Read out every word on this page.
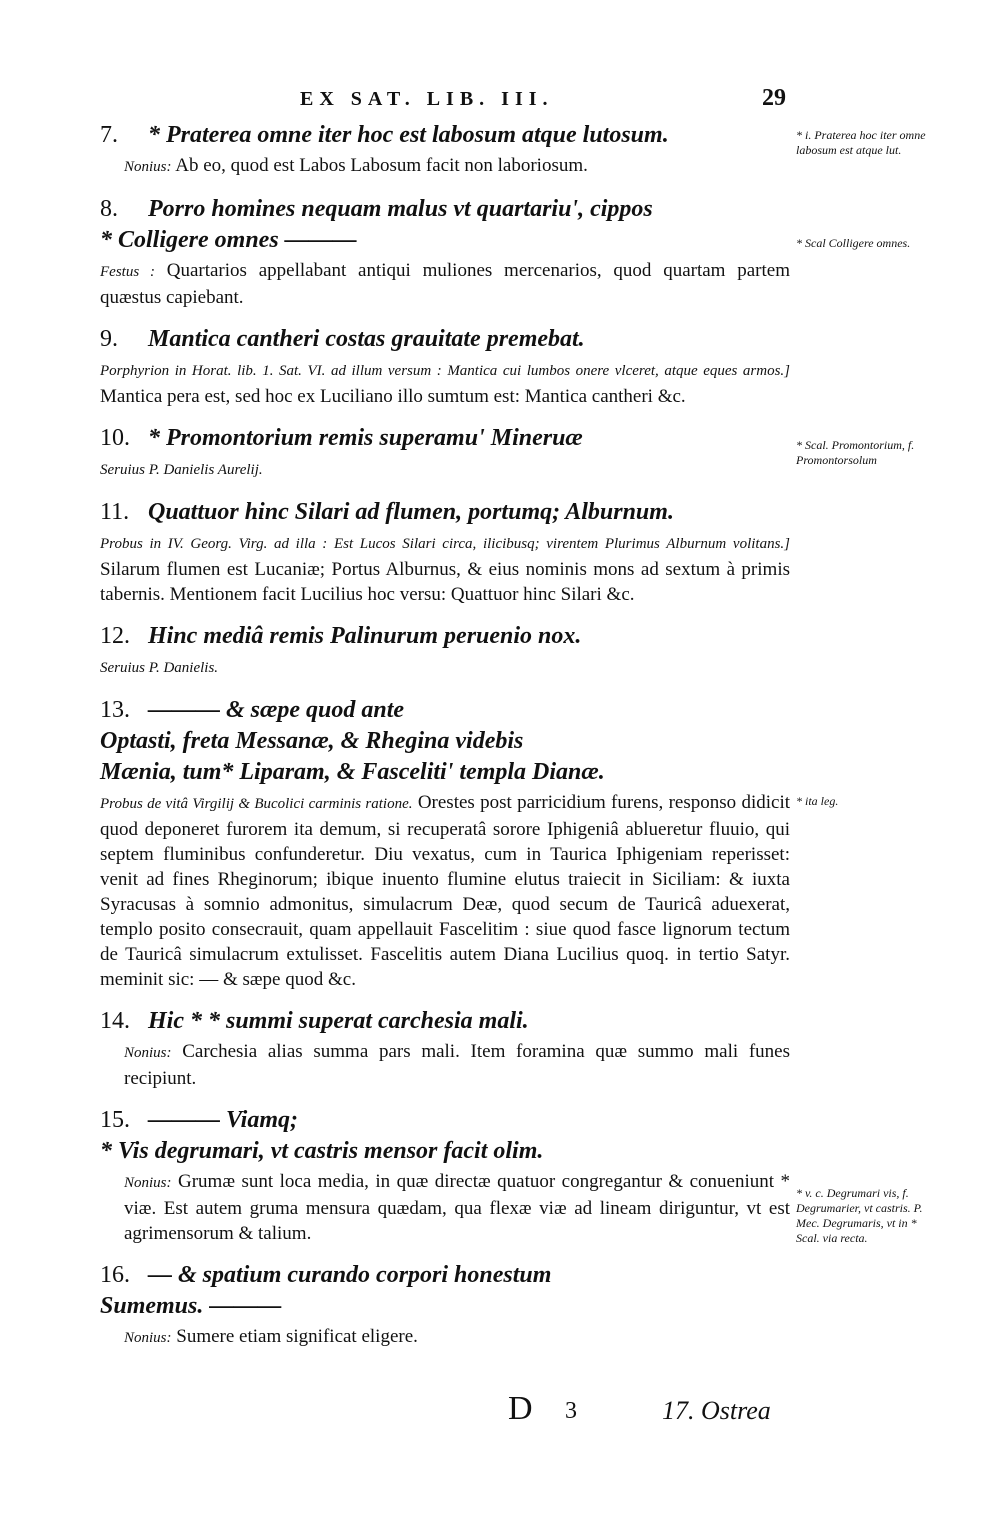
EX SAT. LIB. III.	29
7. * Praterea omne iter hoc est labosum atque lutosum.
Nonius: Ab eo, quod est Labos Labosum facit non laboriosum.
8. Porro homines nequam malus vt quartariu', cippos
* Colligere omnes ———
Festus : Quartarios appellabant antiqui muliones mercenarios, quod quartam partem quæstus capiebant.
9. Mantica cantheri costas grauitate premebat.
Porphyrion in Horat. lib. 1. Sat. VI. ad illum versum : Mantica cui lumbos onere vlceret, atque eques armos.] Mantica pera est, sed hoc ex Luciliano illo sumtum est: Mantica cantheri &c.
10. * Promontorium remis superamu' Mineruæ
Seruius P. Danielis Aurelij.
11. Quattuor hinc Silari ad flumen, portumq; Alburnum.
Probus in IV. Georg. Virg. ad illa : Est Lucos Silari circa, ilicibusq; virentem Plurimus Alburnum volitans.] Silarum flumen est Lucaniæ; Portus Alburnus, & eius nominis mons ad sextum à primis tabernis. Mentionem facit Lucilius hoc versu: Quattuor hinc Silari &c.
12. Hinc mediâ remis Palinurum peruenio nox.
Seruius P. Danielis.
13. ——— & sæpe quod ante
Optasti, freta Messanæ, & Rhegina videbis
Mænia, tum* Liparam, & Fasceliti' templa Dianæ.
Probus de vitâ Virgilij & Bucolici carminis ratione. Orestes post parricidium furens, responso didicit quod deponeret furorem ita demum, si recuperatâ sorore Iphigeniâ ablueretur fluuio, qui septem fluminibus confunderetur. Diu vexatus, cum in Taurica Iphigeniam reperisset: venit ad fines Rheginorum; ibique inuento flumine elutus traiecit in Siciliam: & iuxta Syracusas à somnio admonitus, simulacrum Deæ, quod secum de Tauricâ aduexerat, templo posito consecrauit, quam appellauit Fascelitim : siue quod fasce lignorum tectum de Tauricâ simulacrum extulisset. Fascelitis autem Diana Lucilius quoq. in tertio Satyr. meminit sic: — & sæpe quod &c.
14. Hic * * summi superat carchesia mali.
Nonius: Carchesia alias summa pars mali. Item foramina quæ summo mali funes recipiunt.
15. ——— Viamq;
* Vis degrumari, vt castris mensor facit olim.
Nonius: Grumæ sunt loca media, in quæ directæ quatuor congregantur & conueniunt * viæ. Est autem gruma mensura quædam, qua flexæ viæ ad lineam diriguntur, vt est agrimensorum & talium.
16. — & spatium curando corpori honestum
Sumemus. ———
Nonius: Sumere etiam significat eligere.
* i. Praterea hoc iter omne labosum est atque lut.
* Scal Colligere omnes.
* Scal. Promontorium, f. Promontorsolum
* ita leg.
* v. c. Degrumari vis, f. Degrumarier, vt castris. P. Mec. Degrumaris, vt in * Scal. via recta.
D 3	17. Ostrea
